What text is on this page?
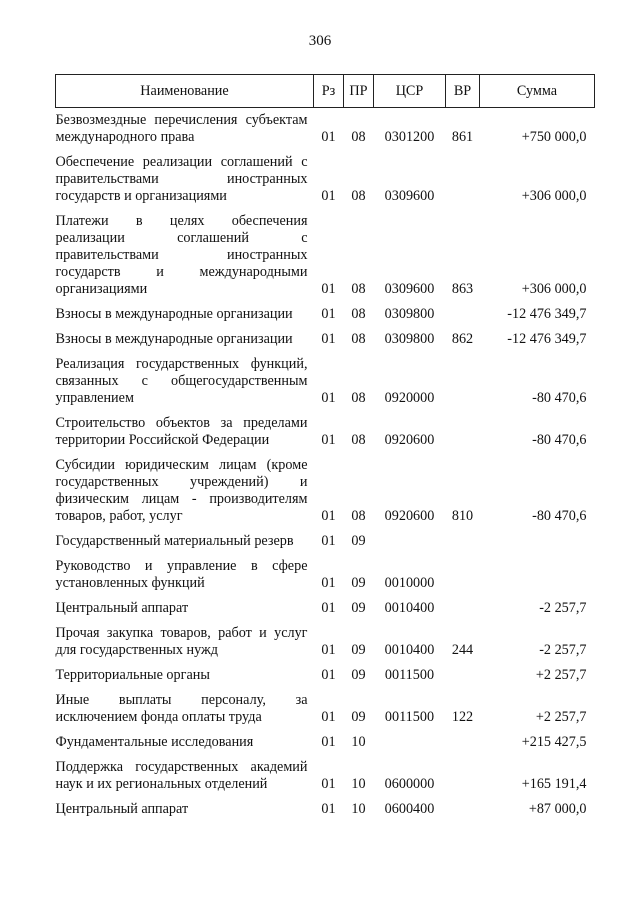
306
Наименование	Рз	ПР	ЦСР	ВР	Сумма
Безвозмездные перечисления субъектам международного права	01	08	0301200	861	+750 000,0
Обеспечение реализации соглашений с правительствами иностранных государств и организациями	01	08	0309600		+306 000,0
Платежи в целях обеспечения реализации соглашений с правительствами иностранных государств и международными организациями	01	08	0309600	863	+306 000,0
Взносы в международные организации	01	08	0309800		-12 476 349,7
Взносы в международные организации	01	08	0309800	862	-12 476 349,7
Реализация государственных функций, связанных с общегосударственным управлением	01	08	0920000		-80 470,6
Строительство объектов за пределами территории Российской Федерации	01	08	0920600		-80 470,6
Субсидии юридическим лицам (кроме государственных учреждений) и физическим лицам - производителям товаров, работ, услуг	01	08	0920600	810	-80 470,6
Государственный материальный резерв	01	09			
Руководство и управление в сфере установленных функций	01	09	0010000		
Центральный аппарат	01	09	0010400		-2 257,7
Прочая закупка товаров, работ и услуг для государственных нужд	01	09	0010400	244	-2 257,7
Территориальные органы	01	09	0011500		+2 257,7
Иные выплаты персоналу, за исключением фонда оплаты труда	01	09	0011500	122	+2 257,7
Фундаментальные исследования	01	10			+215 427,5
Поддержка государственных академий наук и их региональных отделений	01	10	0600000		+165 191,4
Центральный аппарат	01	10	0600400		+87 000,0
